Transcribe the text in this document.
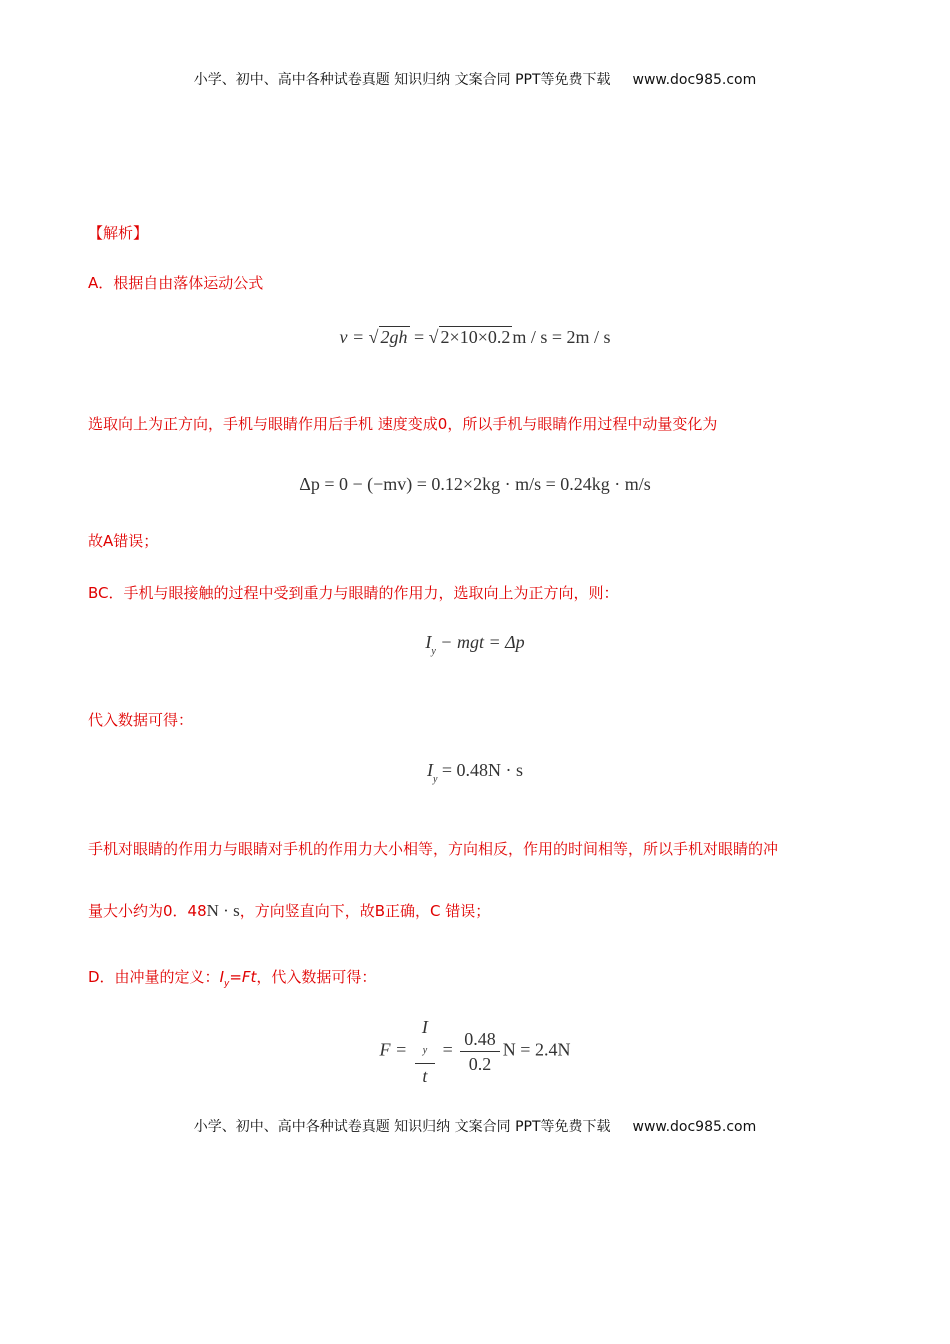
小学、初中、高中各种试卷真题 知识归纳 文案合同 PPT等免费下载 www.doc985.com
【解析】
A．根据自由落体运动公式
v = √ 2gh = √ 2×10×0.2 m / s = 2m / s
选取向上为正方向，手机与眼睛作用后手机 速度变成0，所以手机与眼睛作用过程中动量变化为
Δp = 0 − (−mv) = 0.12×2kg · m/s = 0.24kg · m/s
故A错误；
BC．手机与眼接触的过程中受到重力与眼睛的作用力，选取向上为正方向，则：
$I_y$ − mgt = Δp
代入数据可得：
$I_y = 0.48N \cdot s$
手机对眼睛的作用力与眼睛对手机的作用力大小相等，方向相反，作用的时间相等，所以手机对眼睛的冲
量大小约为0．48N · s，方向竖直向下，故B正确，C 错误；
D．由冲量的定义：$I_y=Ft$，代入数据可得：
F = I
y
$t = \frac{0.48}{0.2}$ N = 2.4N
小学、初中、高中各种试卷真题 知识归纳 文案合同 PPT等免费下载 www.doc985.com
